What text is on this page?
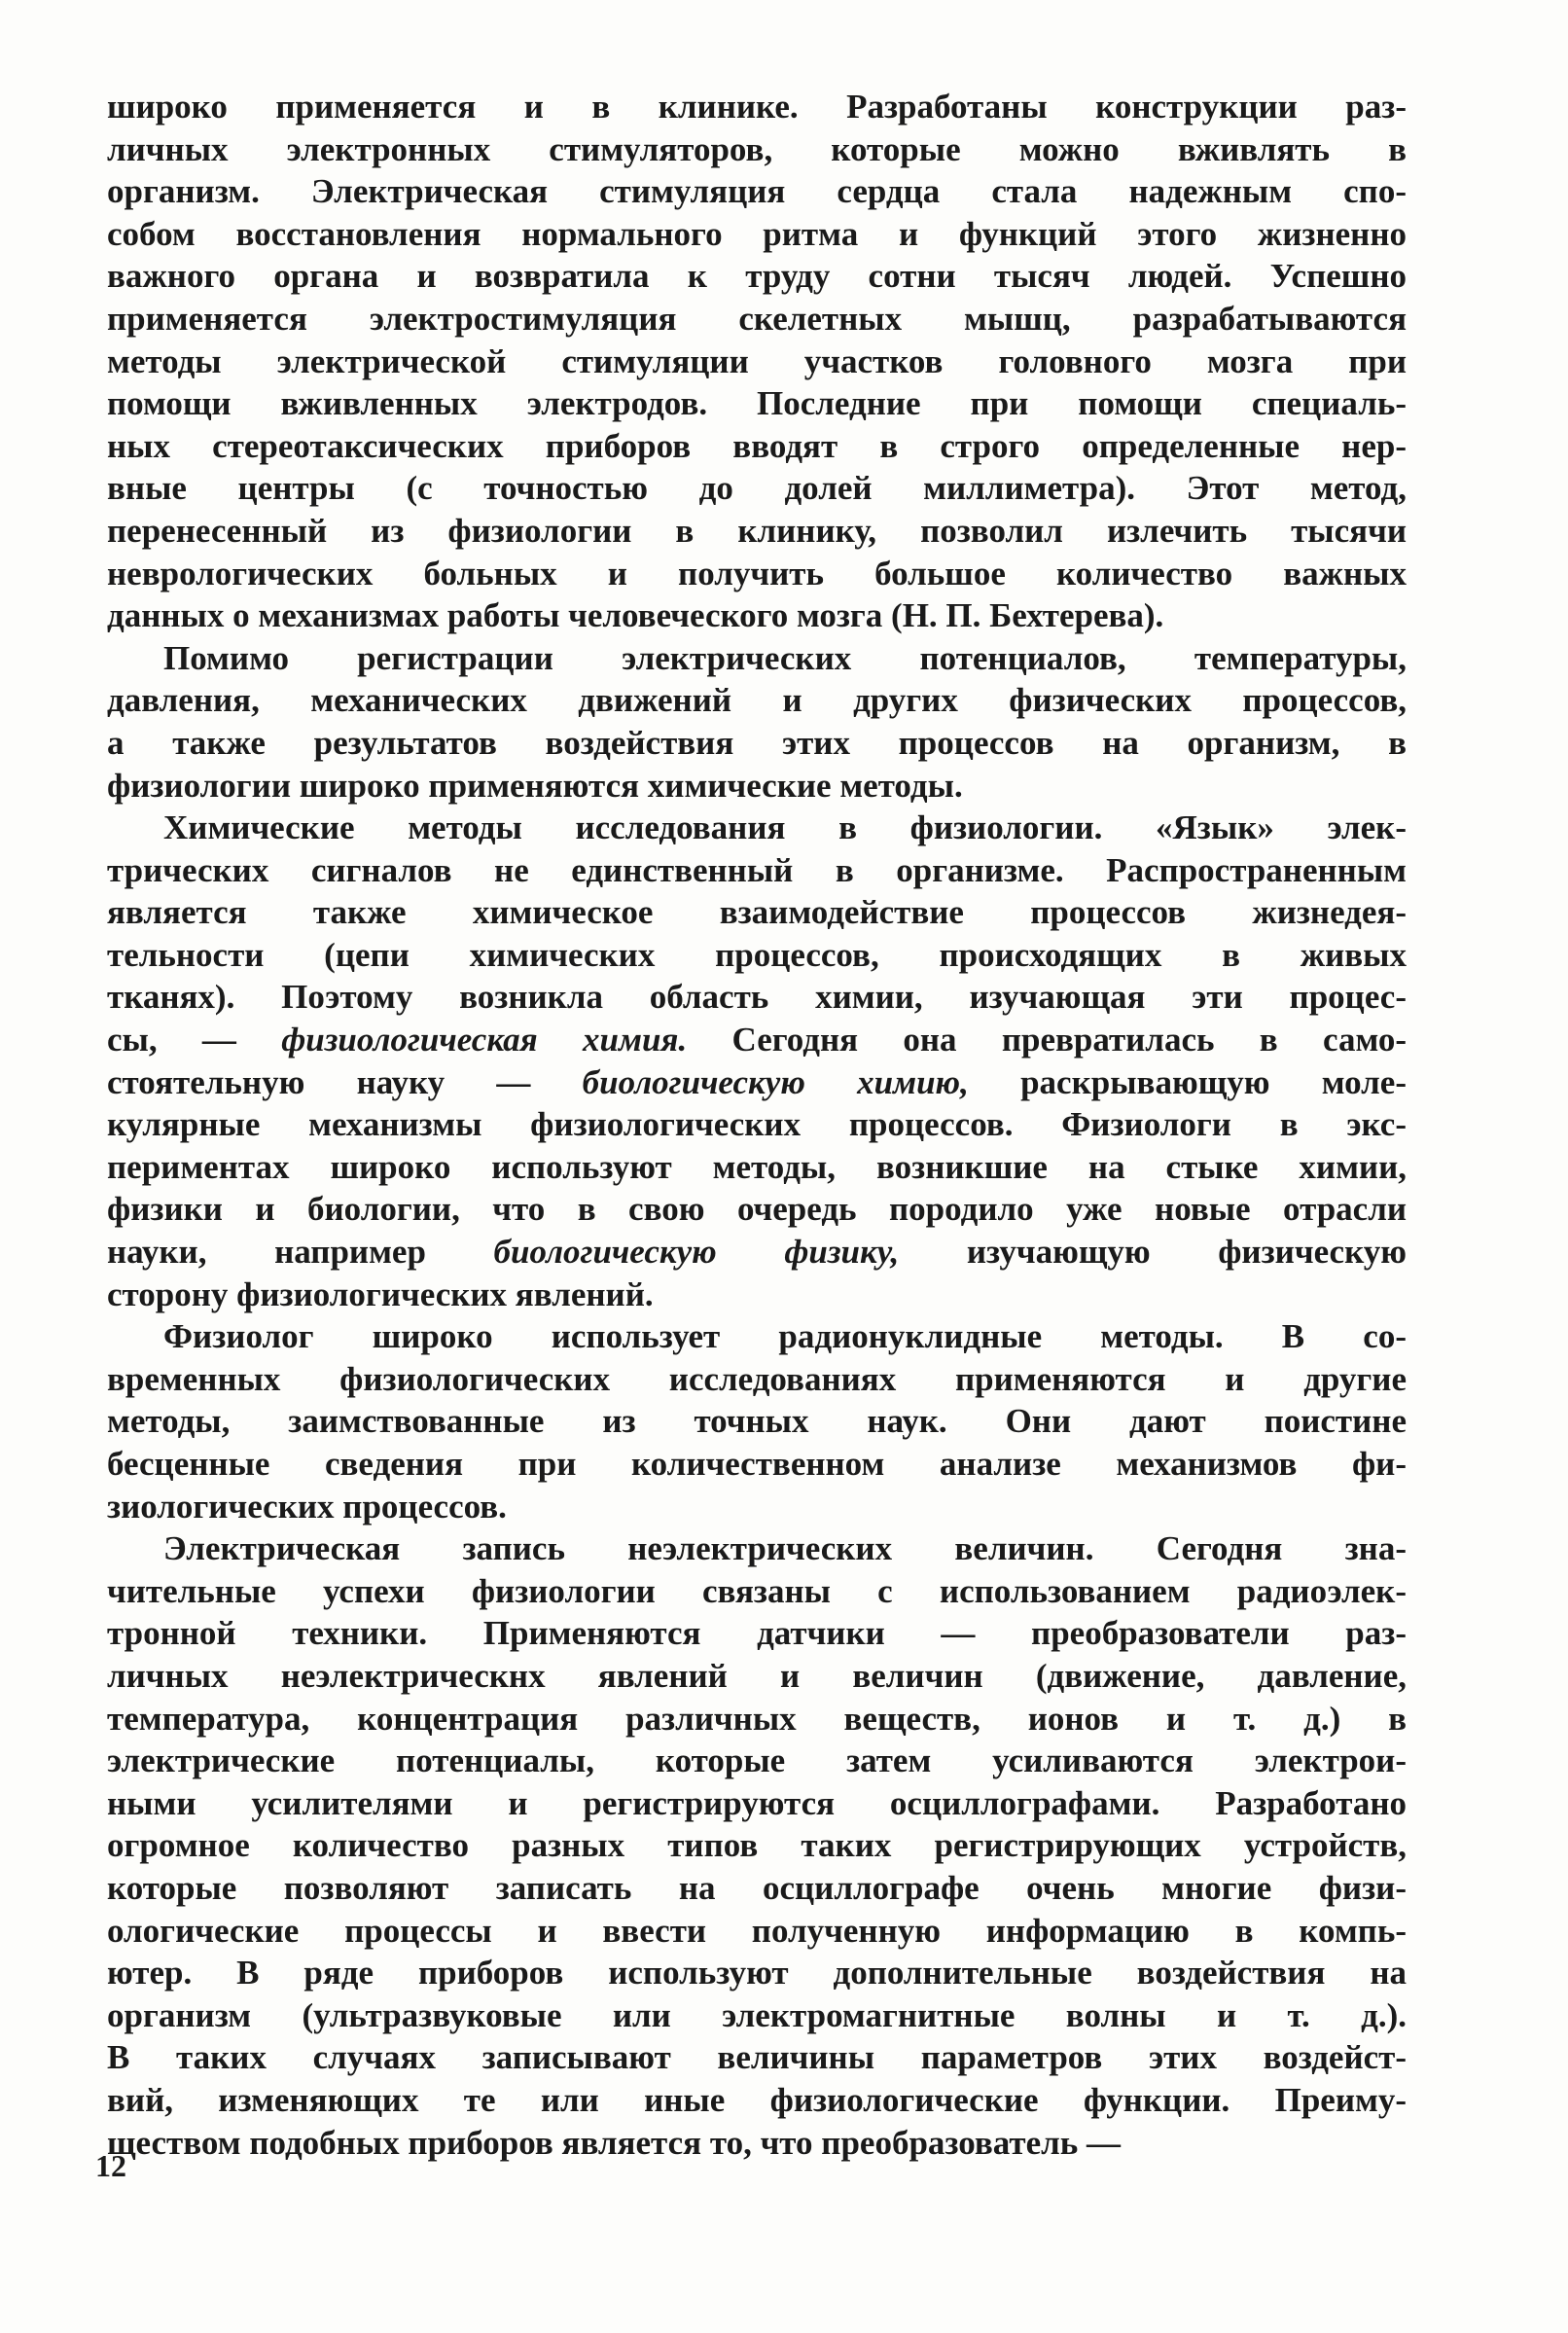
широко применяется и в клинике. Разработаны конструкции раз-
личных электронных стимуляторов, которые можно вживлять в
организм. Электрическая стимуляция сердца стала надежным спо-
собом восстановления нормального ритма и функций этого жизненно
важного органа и возвратила к труду сотни тысяч людей. Успешно
применяется электростимуляция скелетных мышц, разрабатываются
методы электрической стимуляции участков головного мозга при
помощи вживленных электродов. Последние при помощи специаль-
ных стереотаксических приборов вводят в строго определенные нер-
вные центры (с точностью до долей миллиметра). Этот метод,
перенесенный из физиологии в клинику, позволил излечить тысячи
неврологических больных и получить большое количество важных
данных о механизмах работы человеческого мозга (Н. П. Бехтерева).
Помимо регистрации электрических потенциалов, температуры,
давления, механических движений и других физических процессов,
а также результатов воздействия этих процессов на организм, в
физиологии широко применяются химические методы.
Химические методы исследования в физиологии. «Язык» элек-
трических сигналов не единственный в организме. Распространенным
является также химическое взаимодействие процессов жизнедея-
тельности (цепи химических процессов, происходящих в живых
тканях). Поэтому возникла область химии, изучающая эти процес-
сы, — физиологическая химия. Сегодня она превратилась в само-
стоятельную науку — биологическую химию, раскрывающую моле-
кулярные механизмы физиологических процессов. Физиологи в экс-
периментах широко используют методы, возникшие на стыке химии,
физики и биологии, что в свою очередь породило уже новые отрасли
науки, например биологическую физику, изучающую физическую
сторону физиологических явлений.
Физиолог широко использует радионуклидные методы. В со-
временных физиологических исследованиях применяются и другие
методы, заимствованные из точных наук. Они дают поистине
бесценные сведения при количественном анализе механизмов фи-
зиологических процессов.
Электрическая запись неэлектрических величин. Сегодня зна-
чительные успехи физиологии связаны с использованием радиоэлек-
тронной техники. Применяются датчики — преобразователи раз-
личных неэлектрическнх явлений и величин (движение, давление,
температура, концентрация различных веществ, ионов и т. д.) в
электрические потенциалы, которые затем усиливаются электрои-
ными усилителями и регистрируются осциллографами. Разработано
огромное количество разных типов таких регистрирующих устройств,
которые позволяют записать на осциллографе очень многие физи-
ологические процессы и ввести полученную информацию в компь-
ютер. В ряде приборов используют дополнительные воздействия на
организм (ультразвуковые или электромагнитные волны и т. д.).
В таких случаях записывают величины параметров этих воздейст-
вий, изменяющих те или иные физиологические функции. Преиму-
ществом подобных приборов является то, что преобразователь —
12
